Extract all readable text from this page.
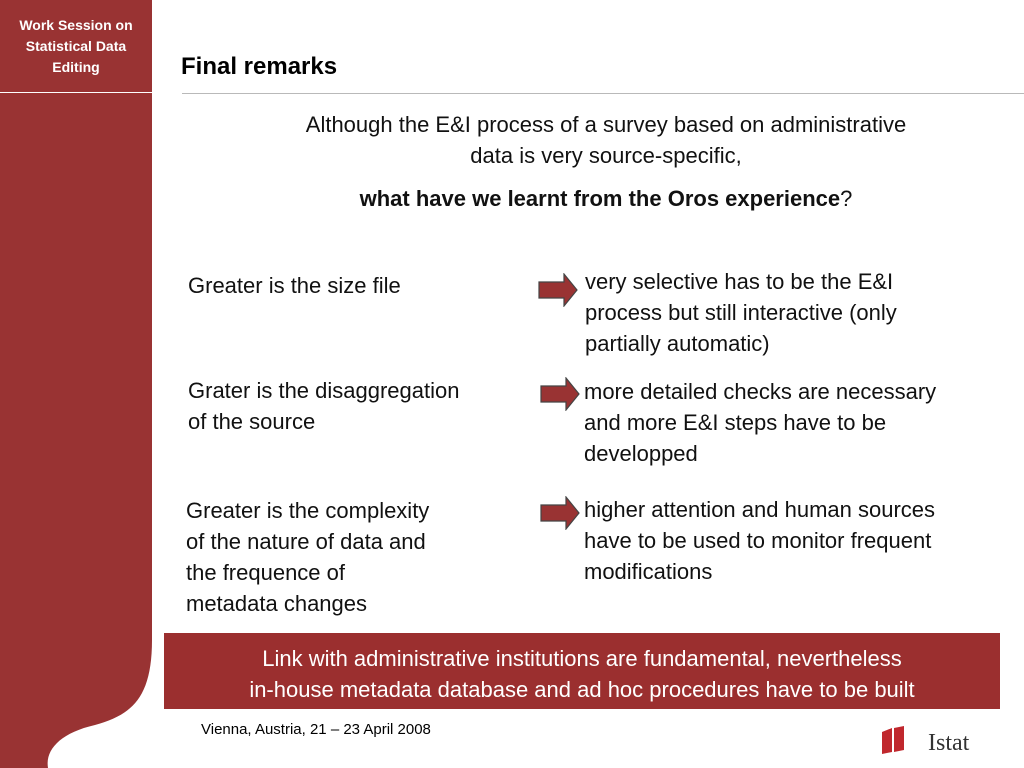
Work Session on
Statistical Data
Editing	Final remarks
Although the E&I process of a survey based on administrative
data is very source-specific,
what have we learnt from the Oros experience?
Greater is the size file	very selective has to be the E&I
process but still interactive (only
partially automatic)
Grater is the disaggregation
of the source
more detailed checks are necessary
and more E&I steps have to be
developped
Greater is the complexity
of the nature of data and
the frequence of
metadata changes
higher attention and human sources
have to be used to monitor frequent
modifications
Link with administrative institutions are fundamental, nevertheless
in-house metadata database and ad hoc procedures have to be built
Vienna, Austria, 21 – 23 April 2008
Istat
